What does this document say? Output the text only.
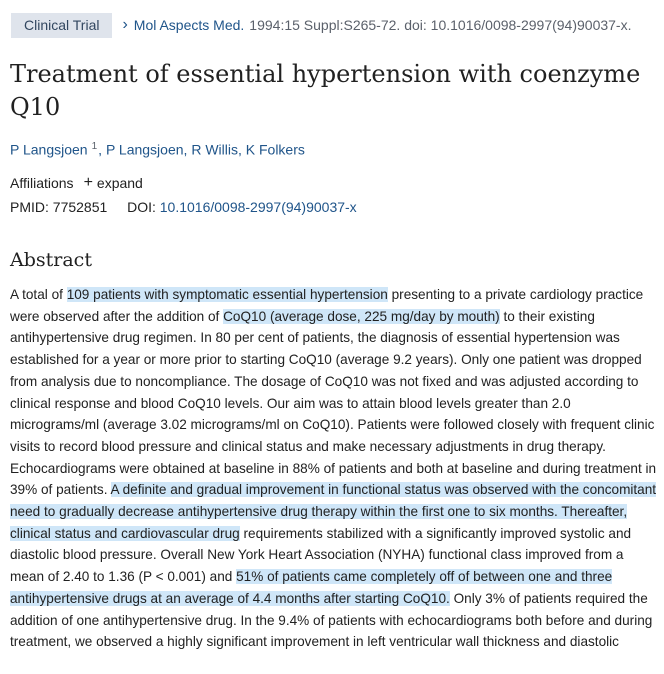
Clinical Trial	› Mol Aspects Med. 1994:15 Suppl:S265-72. doi: 10.1016/0098-2997(94)90037-x.
Treatment of essential hypertension with coenzyme Q10
P Langsjoen $^1$, P Langsjoen, R Willis, K Folkers
Affiliations + expand
PMID: 7752851 DOI: 10.1016/0098-2997(94)90037-x
Abstract

A total of 109 patients with symptomatic essential hypertension presenting to a private cardiology practice were observed after the addition of CoQ10 (average dose, 225 mg/day by mouth) to their existing antihypertensive drug regimen. In 80 per cent of patients, the diagnosis of essential hypertension was established for a year or more prior to starting CoQ10 (average 9.2 years). Only one patient was dropped from analysis due to noncompliance. The dosage of CoQ10 was not fixed and was adjusted according to clinical response and blood CoQ10 levels. Our aim was to attain blood levels greater than 2.0 micrograms/ml (average 3.02 micrograms/ml on CoQ10). Patients were followed closely with frequent clinic visits to record blood pressure and clinical status and make necessary adjustments in drug therapy. Echocardiograms were obtained at baseline in 88% of patients and both at baseline and during treatment in 39% of patients. A definite and gradual improvement in functional status was observed with the concomitant need to gradually decrease antihypertensive drug therapy within the first one to six months. Thereafter, clinical status and cardiovascular drug requirements stabilized with a significantly improved systolic and diastolic blood pressure. Overall New York Heart Association (NYHA) functional class improved from a mean of 2.40 to 1.36 (P < 0.001) and 51% of patients came completely off of between one and three antihypertensive drugs at an average of 4.4 months after starting CoQ10. Only 3% of patients required the addition of one antihypertensive drug. In the 9.4% of patients with echocardiograms both before and during treatment, we observed a highly significant improvement in left ventricular wall thickness and diastolic
